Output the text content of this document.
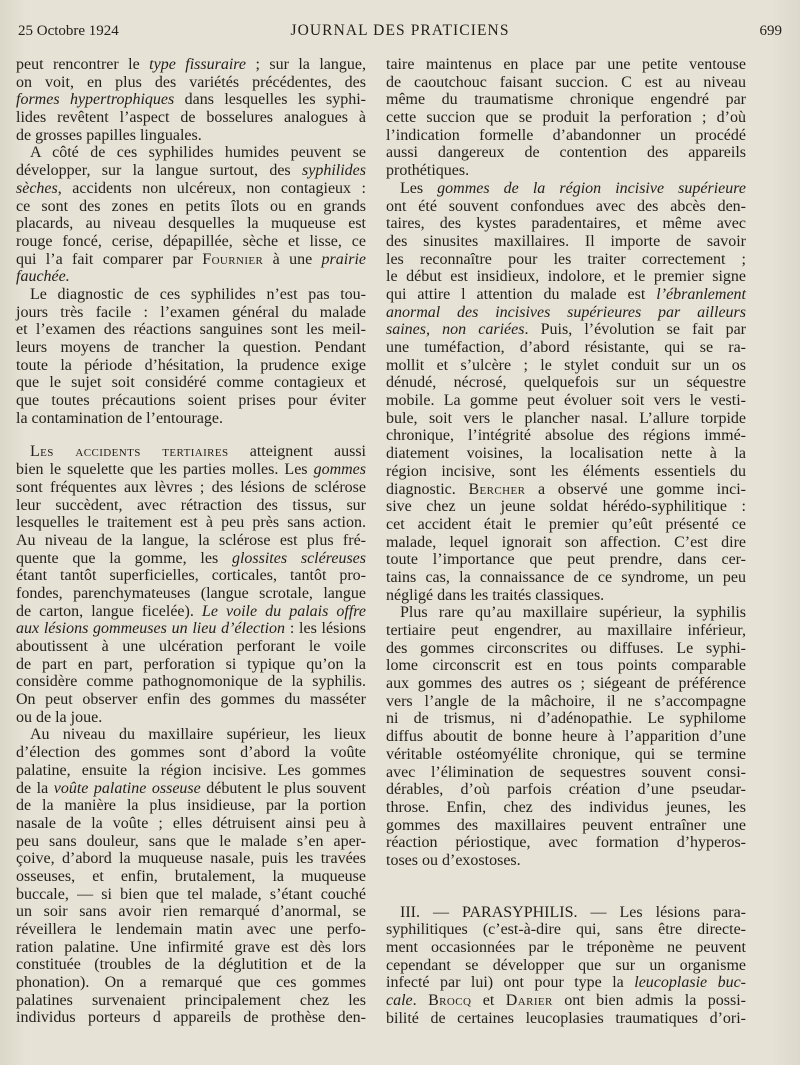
25 Octobre 1924	JOURNAL DES PRATICIENS	699
peut rencontrer le type fissuraire ; sur la langue,
on voit, en plus des variétés précédentes, des
formes hypertrophiques dans lesquelles les syphi-
lides revêtent l’aspect de bosselures analogues à
de grosses papilles linguales.
A côté de ces syphilides humides peuvent se
développer, sur la langue surtout, des syphilides
sèches, accidents non ulcéreux, non contagieux :
ce sont des zones en petits îlots ou en grands
placards, au niveau desquelles la muqueuse est
rouge foncé, cerise, dépapillée, sèche et lisse, ce
qui l’a fait comparer par Fournier à une prairie
fauchée.
Le diagnostic de ces syphilides n’est pas tou-
jours très facile : l’examen général du malade
et l’examen des réactions sanguines sont les meil-
leurs moyens de trancher la question. Pendant
toute la période d’hésitation, la prudence exige
que le sujet soit considéré comme contagieux et
que toutes précautions soient prises pour éviter
la contamination de l’entourage.
Les accidents tertiaires atteignent aussi
bien le squelette que les parties molles. Les gommes
sont fréquentes aux lèvres ; des lésions de sclérose
leur succèdent, avec rétraction des tissus, sur
lesquelles le traitement est à peu près sans action.
Au niveau de la langue, la sclérose est plus fré-
quente que la gomme, les glossites scléreuses
étant tantôt superficielles, corticales, tantôt pro-
fondes, parenchymateuses (langue scrotale, langue
de carton, langue ficelée). Le voile du palais offre
aux lésions gommeuses un lieu d’élection : les lésions
aboutissent à une ulcération perforant le voile
de part en part, perforation si typique qu’on la
considère comme pathognomonique de la syphilis.
On peut observer enfin des gommes du masséter
ou de la joue.
Au niveau du maxillaire supérieur, les lieux
d’élection des gommes sont d’abord la voûte
palatine, ensuite la région incisive. Les gommes
de la voûte palatine osseuse débutent le plus souvent
de la manière la plus insidieuse, par la portion
nasale de la voûte ; elles détruisent ainsi peu à
peu sans douleur, sans que le malade s’en aper-
çoive, d’abord la muqueuse nasale, puis les travées
osseuses, et enfin, brutalement, la muqueuse
buccale, — si bien que tel malade, s’étant couché
un soir sans avoir rien remarqué d’anormal, se
réveillera le lendemain matin avec une perfo-
ration palatine. Une infirmité grave est dès lors
constituée (troubles de la déglutition et de la
phonation). On a remarqué que ces gommes
palatines survenaient principalement chez les
individus porteurs d appareils de prothèse den-
taire maintenus en place par une petite ventouse
de caoutchouc faisant succion. C est au niveau
même du traumatisme chronique engendré par
cette succion que se produit la perforation ; d’où
l’indication formelle d’abandonner un procédé
aussi dangereux de contention des appareils
prothétiques.
Les gommes de la région incisive supérieure
ont été souvent confondues avec des abcès den-
taires, des kystes paradentaires, et même avec
des sinusites maxillaires. Il importe de savoir
les reconnaître pour les traiter correctement ;
le début est insidieux, indolore, et le premier signe
qui attire l attention du malade est l’ébranlement
anormal des incisives supérieures par ailleurs
saines, non cariées. Puis, l’évolution se fait par
une tuméfaction, d’abord résistante, qui se ra-
mollit et s’ulcère ; le stylet conduit sur un os
dénudé, nécrosé, quelquefois sur un séquestre
mobile. La gomme peut évoluer soit vers le vesti-
bule, soit vers le plancher nasal. L’allure torpide
chronique, l’intégrité absolue des régions immé-
diatement voisines, la localisation nette à la
région incisive, sont les éléments essentiels du
diagnostic. Bercher a observé une gomme inci-
sive chez un jeune soldat hérédo-syphilitique :
cet accident était le premier qu’eût présenté ce
malade, lequel ignorait son affection. C’est dire
toute l’importance que peut prendre, dans cer-
tains cas, la connaissance de ce syndrome, un peu
négligé dans les traités classiques.
Plus rare qu’au maxillaire supérieur, la syphilis
tertiaire peut engendrer, au maxillaire inférieur,
des gommes circonscrites ou diffuses. Le syphi-
lome circonscrit est en tous points comparable
aux gommes des autres os ; siégeant de préférence
vers l’angle de la mâchoire, il ne s’accompagne
ni de trismus, ni d’adénopathie. Le syphilome
diffus aboutit de bonne heure à l’apparition d’une
véritable ostéomyélite chronique, qui se termine
avec l’élimination de sequestres souvent consi-
dérables, d’où parfois création d’une pseudar-
throse. Enfin, chez des individus jeunes, les
gommes des maxillaires peuvent entraîner une
réaction périostique, avec formation d’hyperos-
toses ou d’exostoses.
III. — PARASYPHILIS. — Les lésions para-
syphilitiques (c’est-à-dire qui, sans être directe-
ment occasionnées par le tréponème ne peuvent
cependant se développer que sur un organisme
infecté par lui) ont pour type la leucoplasie buc-
cale. Brocq et Darier ont bien admis la possi-
bilité de certaines leucoplasies traumatiques d’ori-
